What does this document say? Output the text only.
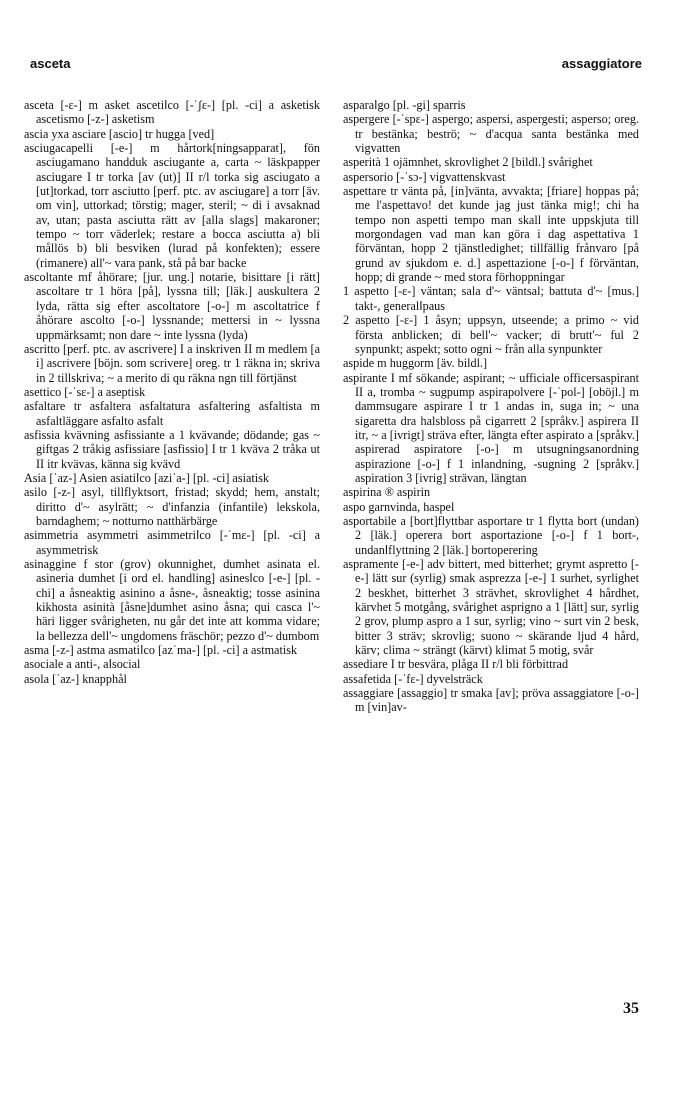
asceta	assaggiatore

asceta [-ε-] m asket ascetiⅼco [-ˈʃε-] [pl. -ci] a asketisk ascetismo [-z-] asketism

ascia yxa asciare [ascio] tr hugga [ved]

asciugacapelli [-e-] m hårtork[ningsapparat], fön asciugamano handduk asciugante a, carta ~ läskpapper asciugare I tr torka [av (ut)] II r/l torka sig asciugato a [ut]torkad, torr asciutto [perf. ptc. av asciugare] a torr [äv. om vin], uttorkad; törstig; mager, steril; ~ di i avsaknad av, utan; pasta asciutta rätt av [alla slags] makaroner; tempo ~ torr väderlek; restare a bocca asciutta a) bli mållös b) bli besviken (lurad på konfekten); essere (rimanere) all'~ vara pank, stå på bar backe

ascoltante mf åhörare; [jur. ung.] notarie, bisittare [i rätt] ascoltare tr 1 höra [på], lyssna till; [läk.] auskultera 2 lyda, rätta sig efter ascoltatore [-o-] m ascoltatrice f åhörare ascolto [-o-] lyssnande; mettersi in ~ lyssna uppmärksamt; non dare ~ inte lyssna (lyda)

ascritto [perf. ptc. av ascrivere] I a inskriven II m medlem [a i] ascrivere [böjn. som scrivere] oreg. tr 1 räkna in; skriva in 2 tillskriva; ~ a merito di qu räkna ngn till förtjänst

asettico [-ˈsε-] a aseptisk

asfaltare tr asfaltera asfaltatura asfaltering asfaltista m asfaltläggare asfalto asfalt

asfissia kvävning asfissiante a 1 kvävande; dödande; gas ~ giftgas 2 tråkig asfissiare [asfissio] I tr 1 kväva 2 tråka ut II itr kvävas, känna sig kvävd

Asia [ˈaz-] Asien asiatiⅼco [aziˈa-] [pl. -ci] asiatisk

asilo [-z-] asyl, tillflyktsort, fristad; skydd; hem, anstalt; diritto d'~ asylrätt; ~ d'infanzia (infantile) lekskola, barndaghem; ~ notturno natthärbärge

asimmetria asymmetri asimmetriⅼco [-ˈmε-] [pl. -ci] a asymmetrisk

asinaggine f stor (grov) okunnighet, dumhet asinata el. asineria dumhet [i ord el. handling] asinesⅼco [-e-] [pl. -chi] a åsneaktig asinino a åsne-, åsneaktig; tosse asinina kikhosta asinità [åsne]dumhet asino åsna; qui casca l'~ häri ligger svårigheten, nu går det inte att komma vidare; la bellezza dell'~ ungdomens fräschör; pezzo d'~ dumbom

asma [-z-] astma asmatiⅼco [azˈma-] [pl. -ci] a astmatisk

asociale a anti-, aⅼsocial

asola [ˈaz-] knapphål

asparaⅼgo [pl. -gi] sparris

aspergere [-ˈspε-] aspergo; aspersi, aspergesti; asperso; oreg. tr bestänka; beströ; ~ d'acqua santa bestänka med vigvatten

asperità 1 ojämnhet, skrovlighet 2 [bildl.] svårighet

aspersorio [-ˈsɔ-] vigvattenskvast

aspettare tr vänta på, [in]vänta, avvakta; [friare] hoppas på; me l'aspettavo! det kunde jag just tänka mig!; chi ha tempo non aspetti tempo man skall inte uppskjuta till morgondagen vad man kan göra i dag aspettativa 1 förväntan, hopp 2 tjänstledighet; tillfällig frånvaro [på grund av sjukdom e. d.] aspettazione [-o-] f förväntan, hopp; di grande ~ med stora förhoppningar

1 aspetto [-ε-] väntan; sala d'~ väntsal; battuta d'~ [mus.] takt-, generalⅼpaus

2 aspetto [-ε-] 1 åsyn; uppsyn, utseende; a primo ~ vid första anblicken; di bell'~ vacker; di brutt'~ ful 2 synpunkt; aspekt; sotto ogni ~ från alla synpunkter

aspide m huggorm [äv. bildl.]

aspirante I mf sökande; aspirant; ~ ufficiale officersaspirant II a, tromba ~ sugpump aspirapolvere [-ˈpol-] [oböjl.] m dammsugare aspirare I tr 1 andas in, suga in; ~ una sigaretta dra halsbloss på cigarrett 2 [språkv.] aspirera II itr, ~ a [ivrigt] sträva efter, längta efter aspirato a [språkv.] aspirerad aspiratore [-o-] m utsugningsanordning aspirazione [-o-] f 1 inⅼandning, -sugning 2 [språkv.] aspiration 3 [ivrig] strävan, längtan

aspirina ® aspirin

aspo garnvinda, haspel

asportabile a [bort]flyttbar asportare tr 1 flytta bort (undan) 2 [läk.] operera bort asportazione [-o-] f 1 bort-, undanⅼflyttning 2 [läk.] bortoperering

aspramente [-e-] adv bittert, med bitterhet; grymt aspretto [-e-] lätt sur (syrlig) smak asprezza [-e-] 1 surhet, syrlighet 2 beskhet, bitterhet 3 strävhet, skrovlighet 4 hårdhet, kärvhet 5 motgång, svårighet asprigno a 1 [lätt] sur, syrlig 2 grov, plump aspro a 1 sur, syrlig; vino ~ surt vin 2 besk, bitter 3 sträv; skrovlig; suono ~ skärande ljud 4 hård, kärv; clima ~ strängt (kärvt) klimat 5 motig, svår

assediare I tr besvära, plåga II r/l bli förbittrad

assafetida [-ˈfε-] dyvelsträck

assaggiare [assaggio] tr smaka [av]; pröva assaggiatore [-o-] m [vin]av-

35
